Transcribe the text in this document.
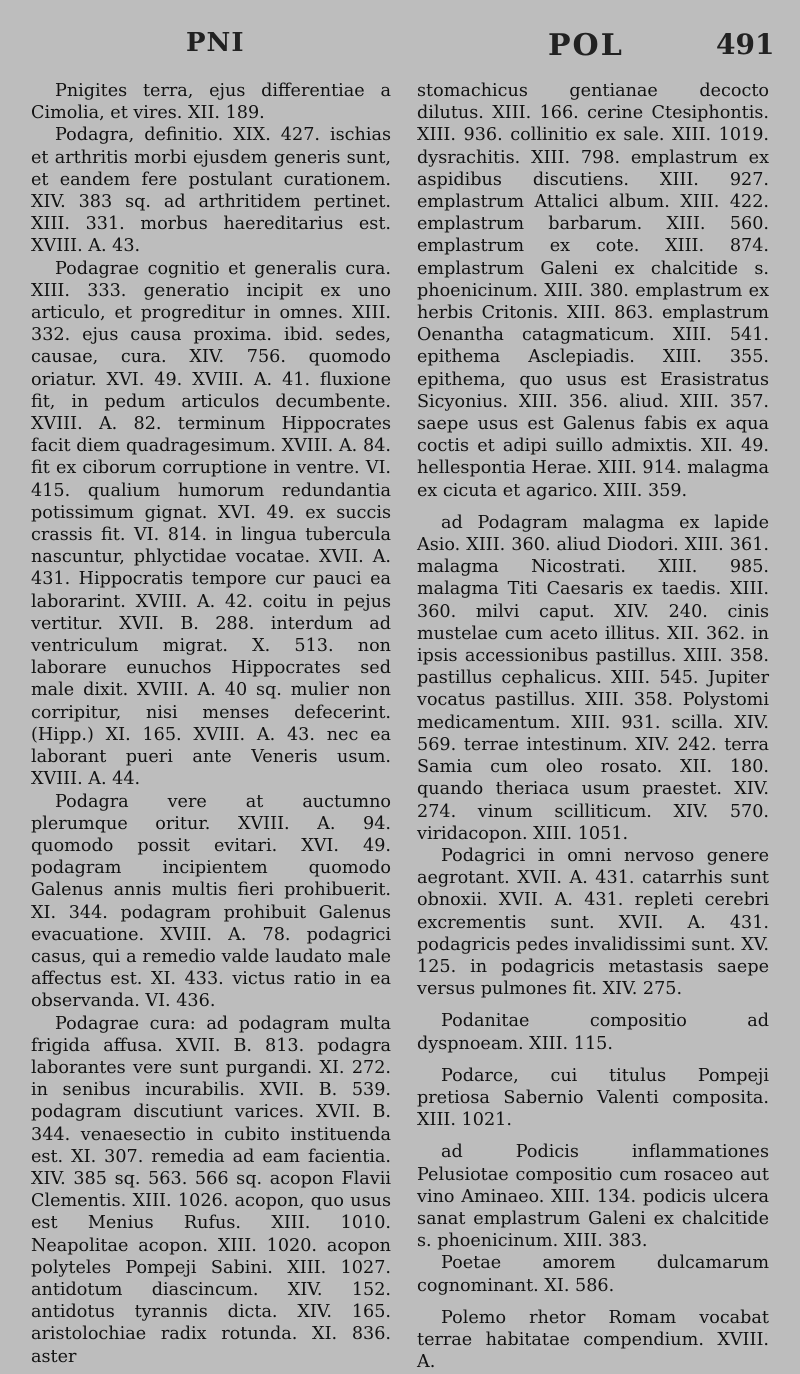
PNI	POL	491

Pnigites terra, ejus differentiae a Cimolia, et vires. XII. 189.

Podagra, definitio. XIX. 427. ischias et arthritis morbi ejusdem generis sunt, et eandem fere postulant curationem. XIV. 383 sq. ad arthritidem pertinet. XIII. 331. morbus haereditarius est. XVIII. A. 43.

Podagrae cognitio et generalis cura. XIII. 333. generatio incipit ex uno articulo, et progreditur in omnes. XIII. 332. ejus causa proxima. ibid. sedes, causae, cura. XIV. 756. quomodo oriatur. XVI. 49. XVIII. A. 41. fluxione fit, in pedum articulos decumbente. XVIII. A. 82. terminum Hippocrates facit diem quadragesimum. XVIII. A. 84. fit ex ciborum corruptione in ventre. VI. 415. qualium humorum redundantia potissimum gignat. XVI. 49. ex succis crassis fit. VI. 814. in lingua tubercula nascuntur, phlyctidae vocatae. XVII. A. 431. Hippocratis tempore cur pauci ea laborarint. XVIII. A. 42. coitu in pejus vertitur. XVII. B. 288. interdum ad ventriculum migrat. X. 513. non laborare eunuchos Hippocrates sed male dixit. XVIII. A. 40 sq. mulier non corripitur, nisi menses defecerint. (Hipp.) XI. 165. XVIII. A. 43. nec ea laborant pueri ante Veneris usum. XVIII. A. 44.

Podagra vere at auctumno plerumque oritur. XVIII. A. 94. quomodo possit evitari. XVI. 49. podagram incipientem quomodo Galenus annis multis fieri prohibuerit. XI. 344. podagram prohibuit Galenus evacuatione. XVIII. A. 78. podagrici casus, qui a remedio valde laudato male affectus est. XI. 433. victus ratio in ea observanda. VI. 436.

Podagrae cura: ad podagram multa frigida affusa. XVII. B. 813. podagra laborantes vere sunt purgandi. XI. 272. in senibus incurabilis. XVII. B. 539. podagram discutiunt varices. XVII. B. 344. venaesectio in cubito instituenda est. XI. 307. remedia ad eam facientia. XIV. 385 sq. 563. 566 sq. acopon Flavii Clementis. XIII. 1026. acopon, quo usus est Menius Rufus. XIII. 1010. Neapolitae acopon. XIII. 1020. acopon polyteles Pompeji Sabini. XIII. 1027. antidotum diascincum. XIV. 152. antidotus tyrannis dicta. XIV. 165. aristolochiae radix rotunda. XI. 836. aster

stomachicus gentianae decocto dilutus. XIII. 166. cerine Ctesiphontis. XIII. 936. collinitio ex sale. XIII. 1019. dysrachitis. XIII. 798. emplastrum ex aspidibus discutiens. XIII. 927. emplastrum Attalici album. XIII. 422. emplastrum barbarum. XIII. 560. emplastrum ex cote. XIII. 874. emplastrum Galeni ex chalcitide s. phoenicinum. XIII. 380. emplastrum ex herbis Critonis. XIII. 863. emplastrum Oenantha catagmaticum. XIII. 541. epithema Asclepiadis. XIII. 355. epithema, quo usus est Erasistratus Sicyonius. XIII. 356. aliud. XIII. 357. saepe usus est Galenus fabis ex aqua coctis et adipi suillo admixtis. XII. 49. hellespontia Herae. XIII. 914. malagma ex cicuta et agarico. XIII. 359.

ad Podagram malagma ex lapide Asio. XIII. 360. aliud Diodori. XIII. 361. malagma Nicostrati. XIII. 985. malagma Titi Caesaris ex taedis. XIII. 360. milvi caput. XIV. 240. cinis mustelae cum aceto illitus. XII. 362. in ipsis accessionibus pastillus. XIII. 358. pastillus cephalicus. XIII. 545. Jupiter vocatus pastillus. XIII. 358. Polystomi medicamentum. XIII. 931. scilla. XIV. 569. terrae intestinum. XIV. 242. terra Samia cum oleo rosato. XII. 180. quando theriaca usum praestet. XIV. 274. vinum scilliticum. XIV. 570. viridacopon. XIII. 1051.

Podagrici in omni nervoso genere aegrotant. XVII. A. 431. catarrhis sunt obnoxii. XVII. A. 431. repleti cerebri excrementis sunt. XVII. A. 431. podagricis pedes invalidissimi sunt. XV. 125. in podagricis metastasis saepe versus pulmones fit. XIV. 275.

Podanitae compositio ad dyspnoeam. XIII. 115.

Podarce, cui titulus Pompeji pretiosa Sabernio Valenti composita. XIII. 1021.

ad Podicis inflammationes Pelusiotae compositio cum rosaceo aut vino Aminaeo. XIII. 134. podicis ulcera sanat emplastrum Galeni ex chalcitide s. phoenicinum. XIII. 383.

Poetae amorem dulcamarum cognominant. XI. 586.

Polemo rhetor Romam vocabat terrae habitatae compendium. XVIII. A.
